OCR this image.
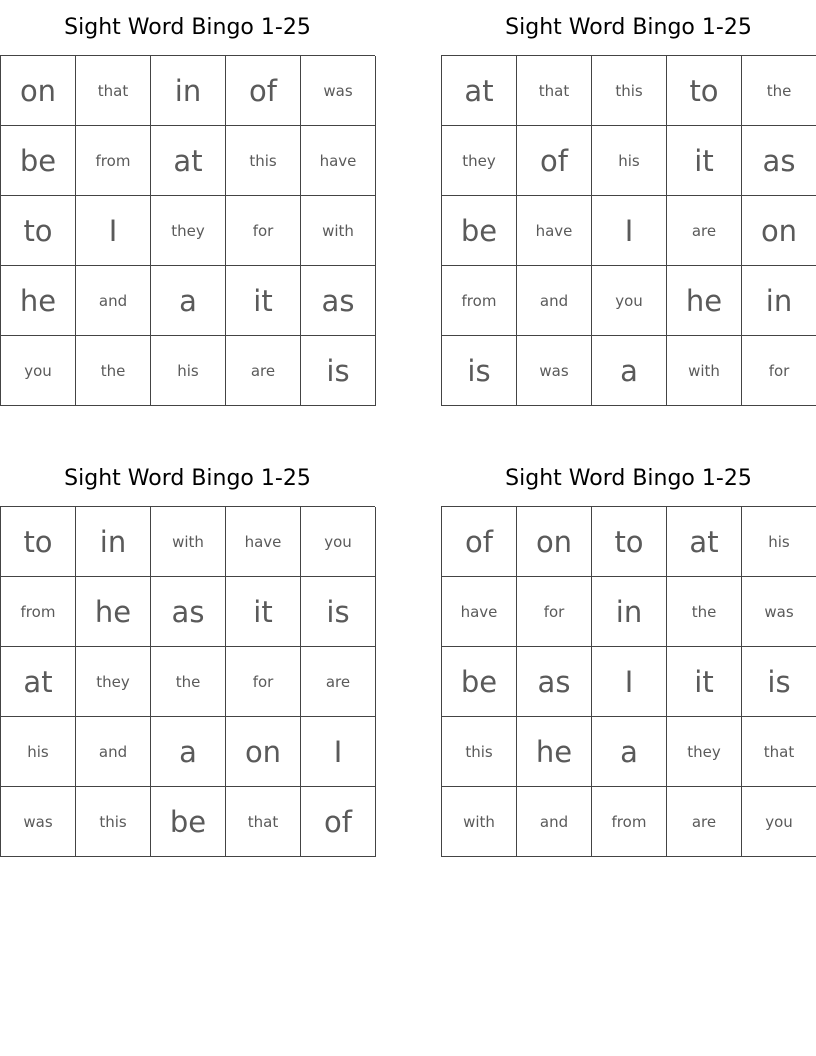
Sight Word Bingo 1-25
on	that	in	of	was
be	from	at	this	have
to	I	they	for	with
he	and	a	it	as
you	the	his	are	is
Sight Word Bingo 1-25
at	that	this	to	the
they	of	his	it	as
be	have	I	are	on
from	and	you	he	in
is	was	a	with	for
Sight Word Bingo 1-25
to	in	with	have	you
from	he	as	it	is
at	they	the	for	are
his	and	a	on	I
was	this	be	that	of
Sight Word Bingo 1-25
of	on	to	at	his
have	for	in	the	was
be	as	I	it	is
this	he	a	they	that
with	and	from	are	you
